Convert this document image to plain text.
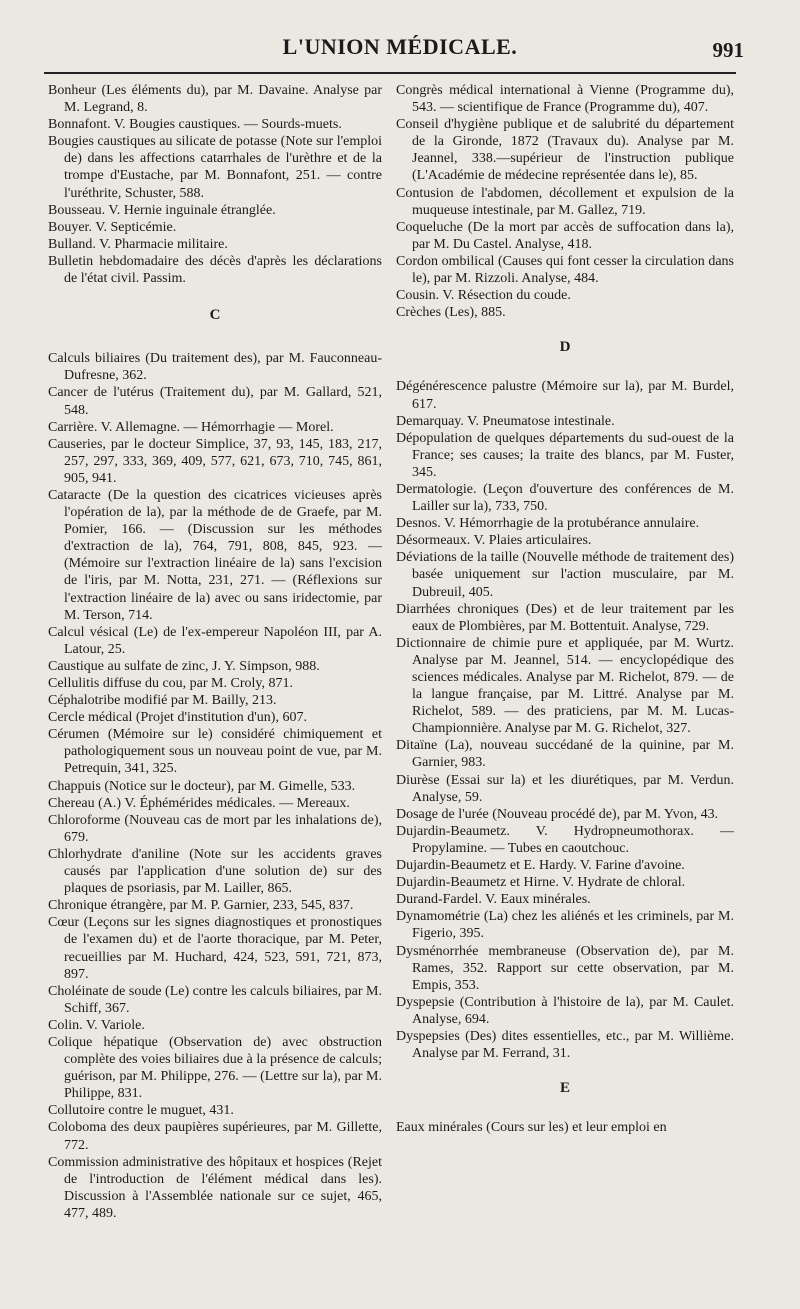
L'UNION MÉDICALE.	991

Bonheur (Les éléments du), par M. Davaine. Analyse par M. Legrand, 8.

Bonnafont. V. Bougies caustiques. — Sourds-muets.

Bougies caustiques au silicate de potasse (Note sur l'emploi de) dans les affections catarrhales de l'urèthre et de la trompe d'Eustache, par M. Bonnafont, 251. — contre l'uréthrite, Schuster, 588.

Bousseau. V. Hernie inguinale étranglée.

Bouyer. V. Septicémie.

Bulland. V. Pharmacie militaire.

Bulletin hebdomadaire des décès d'après les déclarations de l'état civil. Passim.

C

Calculs biliaires (Du traitement des), par M. Fauconneau-Dufresne, 362.

Cancer de l'utérus (Traitement du), par M. Gallard, 521, 548.

Carrière. V. Allemagne. — Hémorrhagie — Morel.

Causeries, par le docteur Simplice, 37, 93, 145, 183, 217, 257, 297, 333, 369, 409, 577, 621, 673, 710, 745, 861, 905, 941.

Cataracte (De la question des cicatrices vicieuses après l'opération de la), par la méthode de de Graefe, par M. Pomier, 166. — (Discussion sur les méthodes d'extraction de la), 764, 791, 808, 845, 923. — (Mémoire sur l'extraction linéaire de la) sans l'excision de l'iris, par M. Notta, 231, 271. — (Réflexions sur l'extraction linéaire de la) avec ou sans iridectomie, par M. Terson, 714.

Calcul vésical (Le) de l'ex-empereur Napoléon III, par A. Latour, 25.

Caustique au sulfate de zinc, J. Y. Simpson, 988.

Cellulitis diffuse du cou, par M. Croly, 871.

Céphalotribe modifié par M. Bailly, 213.

Cercle médical (Projet d'institution d'un), 607.

Cérumen (Mémoire sur le) considéré chimiquement et pathologiquement sous un nouveau point de vue, par M. Petrequin, 341, 325.

Chappuis (Notice sur le docteur), par M. Gimelle, 533.

Chereau (A.) V. Éphémérides médicales. — Mereaux.

Chloroforme (Nouveau cas de mort par les inhalations de), 679.

Chlorhydrate d'aniline (Note sur les accidents graves causés par l'application d'une solution de) sur des plaques de psoriasis, par M. Lailler, 865.

Chronique étrangère, par M. P. Garnier, 233, 545, 837.

Cœur (Leçons sur les signes diagnostiques et pronostiques de l'examen du) et de l'aorte thoracique, par M. Peter, recueillies par M. Huchard, 424, 523, 591, 721, 873, 897.

Choléinate de soude (Le) contre les calculs biliaires, par M. Schiff, 367.

Colin. V. Variole.

Colique hépatique (Observation de) avec obstruction complète des voies biliaires due à la présence de calculs; guérison, par M. Philippe, 276. — (Lettre sur la), par M. Philippe, 831.

Collutoire contre le muguet, 431.

Coloboma des deux paupières supérieures, par M. Gillette, 772.

Commission administrative des hôpitaux et hospices (Rejet de l'introduction de l'élément médical dans les). Discussion à l'Assemblée nationale sur ce sujet, 465, 477, 489.

Congrès médical international à Vienne (Programme du), 543. — scientifique de France (Programme du), 407.

Conseil d'hygiène publique et de salubrité du département de la Gironde, 1872 (Travaux du). Analyse par M. Jeannel, 338.—supérieur de l'instruction publique (L'Académie de médecine représentée dans le), 85.

Contusion de l'abdomen, décollement et expulsion de la muqueuse intestinale, par M. Gallez, 719.

Coqueluche (De la mort par accès de suffocation dans la), par M. Du Castel. Analyse, 418.

Cordon ombilical (Causes qui font cesser la circulation dans le), par M. Rizzoli. Analyse, 484.

Cousin. V. Résection du coude.

Crèches (Les), 885.

D

Dégénérescence palustre (Mémoire sur la), par M. Burdel, 617.

Demarquay. V. Pneumatose intestinale.

Dépopulation de quelques départements du sud-ouest de la France; ses causes; la traite des blancs, par M. Fuster, 345.

Dermatologie. (Leçon d'ouverture des conférences de M. Lailler sur la), 733, 750.

Desnos. V. Hémorrhagie de la protubérance annulaire.

Désormeaux. V. Plaies articulaires.

Déviations de la taille (Nouvelle méthode de traitement des) basée uniquement sur l'action musculaire, par M. Dubreuil, 405.

Diarrhées chroniques (Des) et de leur traitement par les eaux de Plombières, par M. Bottentuit. Analyse, 729.

Dictionnaire de chimie pure et appliquée, par M. Wurtz. Analyse par M. Jeannel, 514. — encyclopédique des sciences médicales. Analyse par M. Richelot, 879. — de la langue française, par M. Littré. Analyse par M. Richelot, 589. — des praticiens, par M. M. Lucas-Championnière. Analyse par M. G. Richelot, 327.

Ditaïne (La), nouveau succédané de la quinine, par M. Garnier, 983.

Diurèse (Essai sur la) et les diurétiques, par M. Verdun. Analyse, 59.

Dosage de l'urée (Nouveau procédé de), par M. Yvon, 43.

Dujardin-Beaumetz. V. Hydropneumothorax. —Propylamine. — Tubes en caoutchouc.

Dujardin-Beaumetz et E. Hardy. V. Farine d'avoine.

Dujardin-Beaumetz et Hirne. V. Hydrate de chloral.

Durand-Fardel. V. Eaux minérales.

Dynamométrie (La) chez les aliénés et les criminels, par M. Figerio, 395.

Dysménorrhée membraneuse (Observation de), par M. Rames, 352. Rapport sur cette observation, par M. Empis, 353.

Dyspepsie (Contribution à l'histoire de la), par M. Caulet. Analyse, 694.

Dyspepsies (Des) dites essentielles, etc., par M. Willième. Analyse par M. Ferrand, 31.

E

Eaux minérales (Cours sur les) et leur emploi en
